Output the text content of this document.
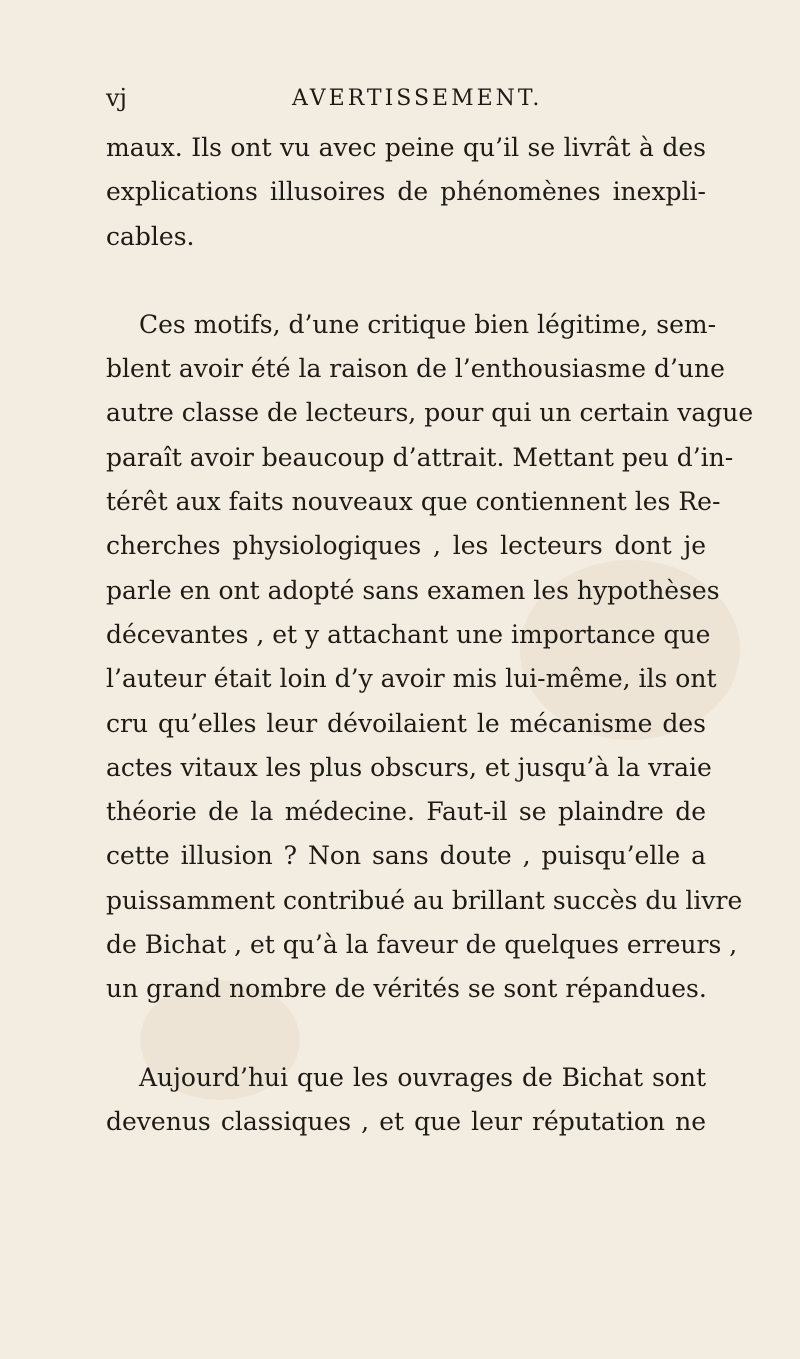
vj	AVERTISSEMENT.
maux. Ils ont vu avec peine qu’il se livrât à des
explications illusoires de phénomènes inexpli-
cables.
Ces motifs, d’une critique bien légitime, sem-
blent avoir été la raison de l’enthousiasme d’une
autre classe de lecteurs, pour qui un certain vague
paraît avoir beaucoup d’attrait. Mettant peu d’in-
térêt aux faits nouveaux que contiennent les Re-
cherches physiologiques , les lecteurs dont je
parle en ont adopté sans examen les hypothèses
décevantes , et y attachant une importance que
l’auteur était loin d’y avoir mis lui-même, ils ont
cru qu’elles leur dévoilaient le mécanisme des
actes vitaux les plus obscurs, et jusqu’à la vraie
théorie de la médecine. Faut-il se plaindre de
cette illusion ? Non sans doute , puisqu’elle a
puissamment contribué au brillant succès du livre
de Bichat , et qu’à la faveur de quelques erreurs ,
un grand nombre de vérités se sont répandues.
Aujourd’hui que les ouvrages de Bichat sont
devenus classiques , et que leur réputation ne
